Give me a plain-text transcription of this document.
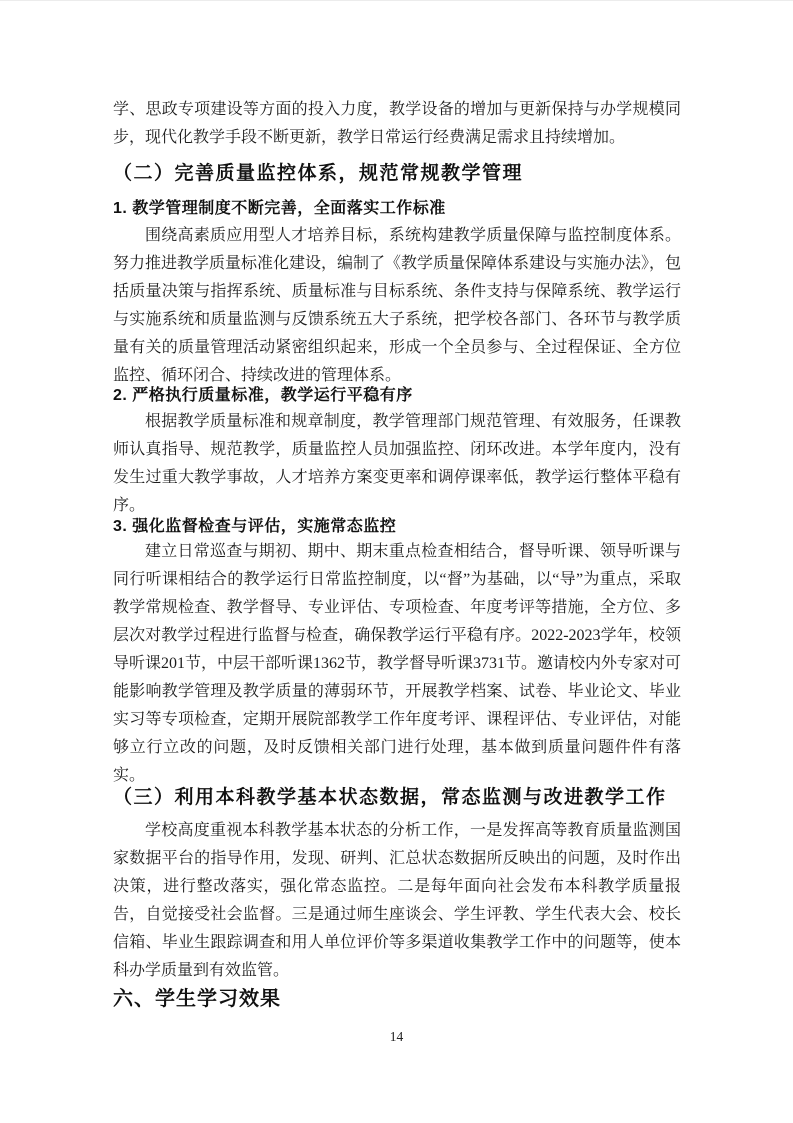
学、思政专项建设等方面的投入力度，教学设备的增加与更新保持与办学规模同步，现代化教学手段不断更新，教学日常运行经费满足需求且持续增加。

（二）完善质量监控体系，规范常规教学管理
1. 教学管理制度不断完善，全面落实工作标准

围绕高素质应用型人才培养目标，系统构建教学质量保障与监控制度体系。努力推进教学质量标准化建设，编制了《教学质量保障体系建设与实施办法》，包括质量决策与指挥系统、质量标准与目标系统、条件支持与保障系统、教学运行与实施系统和质量监测与反馈系统五大子系统，把学校各部门、各环节与教学质量有关的质量管理活动紧密组织起来，形成一个全员参与、全过程保证、全方位监控、循环闭合、持续改进的管理体系。

2. 严格执行质量标准，教学运行平稳有序

根据教学质量标准和规章制度，教学管理部门规范管理、有效服务，任课教师认真指导、规范教学，质量监控人员加强监控、闭环改进。本学年度内，没有发生过重大教学事故，人才培养方案变更率和调停课率低，教学运行整体平稳有序。

3. 强化监督检查与评估，实施常态监控

建立日常巡查与期初、期中、期末重点检查相结合，督导听课、领导听课与同行听课相结合的教学运行日常监控制度，以“督”为基础，以“导”为重点，采取教学常规检查、教学督导、专业评估、专项检查、年度考评等措施，全方位、多层次对教学过程进行监督与检查，确保教学运行平稳有序。2022-2023学年，校领导听课201节，中层干部听课1362节，教学督导听课3731节。邀请校内外专家对可能影响教学管理及教学质量的薄弱环节，开展教学档案、试卷、毕业论文、毕业实习等专项检查，定期开展院部教学工作年度考评、课程评估、专业评估，对能够立行立改的问题，及时反馈相关部门进行处理，基本做到质量问题件件有落实。

（三）利用本科教学基本状态数据，常态监测与改进教学工作

学校高度重视本科教学基本状态的分析工作，一是发挥高等教育质量监测国家数据平台的指导作用，发现、研判、汇总状态数据所反映出的问题，及时作出决策，进行整改落实，强化常态监控。二是每年面向社会发布本科教学质量报告，自觉接受社会监督。三是通过师生座谈会、学生评教、学生代表大会、校长信箱、毕业生跟踪调查和用人单位评价等多渠道收集教学工作中的问题等，使本科办学质量到有效监管。

六、学生学习效果
14
